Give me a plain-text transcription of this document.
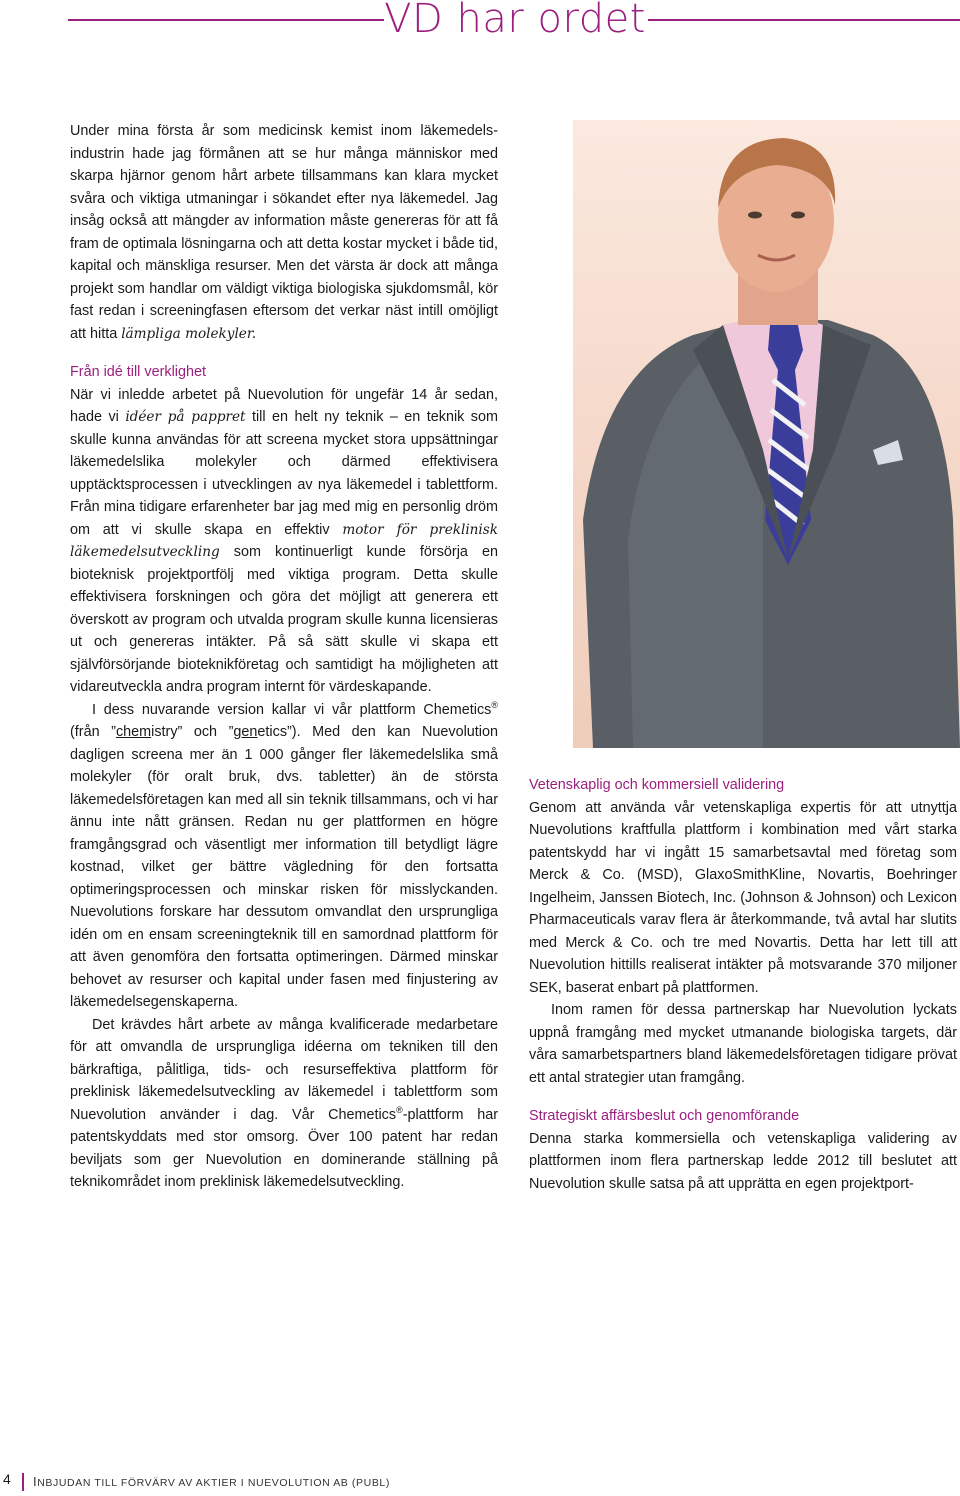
VD har ordet

Under mina första år som medicinsk kemist inom läkemedelsindustrin hade jag förmånen att se hur många människor med skarpa hjärnor genom hårt arbete tillsammans kan klara mycket svåra och viktiga utmaningar i sökandet efter nya läkemedel. Jag insåg också att mängder av information måste genereras för att få fram de optimala lösningarna och att detta kostar mycket i både tid, kapital och mänskliga resurser. Men det värsta är dock att många projekt som handlar om väldigt viktiga biologiska sjukdomsmål, kör fast redan i screeningfasen eftersom det verkar näst intill omöjligt att hitta lämpliga molekyler.

Från idé till verklighet

När vi inledde arbetet på Nuevolution för ungefär 14 år sedan, hade vi idéer på pappret till en helt ny teknik – en teknik som skulle kunna användas för att screena mycket stora uppsättningar läkemedelslika molekyler och därmed effektivisera upptäcktsprocessen i utvecklingen av nya läkemedel i tablettform. Från mina tidigare erfarenheter bar jag med mig en personlig dröm om att vi skulle skapa en effektiv motor för preklinisk läkemedelsutveckling som kontinuerligt kunde försörja en bioteknisk projektportfölj med viktiga program. Detta skulle effektivisera forskningen och göra det möjligt att generera ett överskott av program och utvalda program skulle kunna licensieras ut och genereras intäkter. På så sätt skulle vi skapa ett självförsörjande bioteknikföretag och samtidigt ha möjligheten att vidareutveckla andra program internt för värdeskapande.

I dess nuvarande version kallar vi vår plattform Chemetics® (från ”chemistry” och ”genetics”). Med den kan Nuevolution dagligen screena mer än 1 000 gånger fler läkemedelslika små molekyler (för oralt bruk, dvs. tabletter) än de största läkemedelsföretagen kan med all sin teknik tillsammans, och vi har ännu inte nått gränsen. Redan nu ger plattformen en högre framgångsgrad och väsentligt mer information till betydligt lägre kostnad, vilket ger bättre vägledning för den fortsatta optimeringsprocessen och minskar risken för misslyckanden. Nuevolutions forskare har dessutom omvandlat den ursprungliga idén om en ensam screeningteknik till en samordnad plattform för att även genomföra den fortsatta optimeringen. Därmed minskar behovet av resurser och kapital under fasen med finjustering av läkemedelsegenskaperna.

Det krävdes hårt arbete av många kvalificerade medarbetare för att omvandla de ursprungliga idéerna om tekniken till den bärkraftiga, pålitliga, tids- och resurseffektiva plattform för preklinisk läkemedelsutveckling av läkemedel i tablettform som Nuevolution använder i dag. Vår Chemetics®-plattform har patentskyddats med stor omsorg. Över 100 patent har redan beviljats som ger Nuevolution en dominerande ställning på teknikområdet inom preklinisk läkemedelsutveckling.

Vetenskaplig och kommersiell validering

Genom att använda vår vetenskapliga expertis för att utnyttja Nuevolutions kraftfulla plattform i kombination med vårt starka patentskydd har vi ingått 15 samarbetsavtal med företag som Merck & Co. (MSD), GlaxoSmithKline, Novartis, Boehringer Ingelheim, Janssen Biotech, Inc. (Johnson & Johnson) och Lexicon Pharmaceuticals varav flera är återkommande, två avtal har slutits med Merck & Co. och tre med Novartis. Detta har lett till att Nuevolution hittills realiserat intäkter på motsvarande 370 miljoner SEK, baserat enbart på plattformen.

Inom ramen för dessa partnerskap har Nuevolution lyckats uppnå framgång med mycket utmanande biologiska targets, där våra samarbetspartners bland läkemedelsföretagen tidigare prövat ett antal strategier utan framgång.

Strategiskt affärsbeslut och genomförande

Denna starka kommersiella och vetenskapliga validering av plattformen inom flera partnerskap ledde 2012 till beslutet att Nuevolution skulle satsa på att upprätta en egen projektport-

4 INBJUDAN TILL FÖRVÄRV AV AKTIER I NUEVOLUTION AB (PUBL)
